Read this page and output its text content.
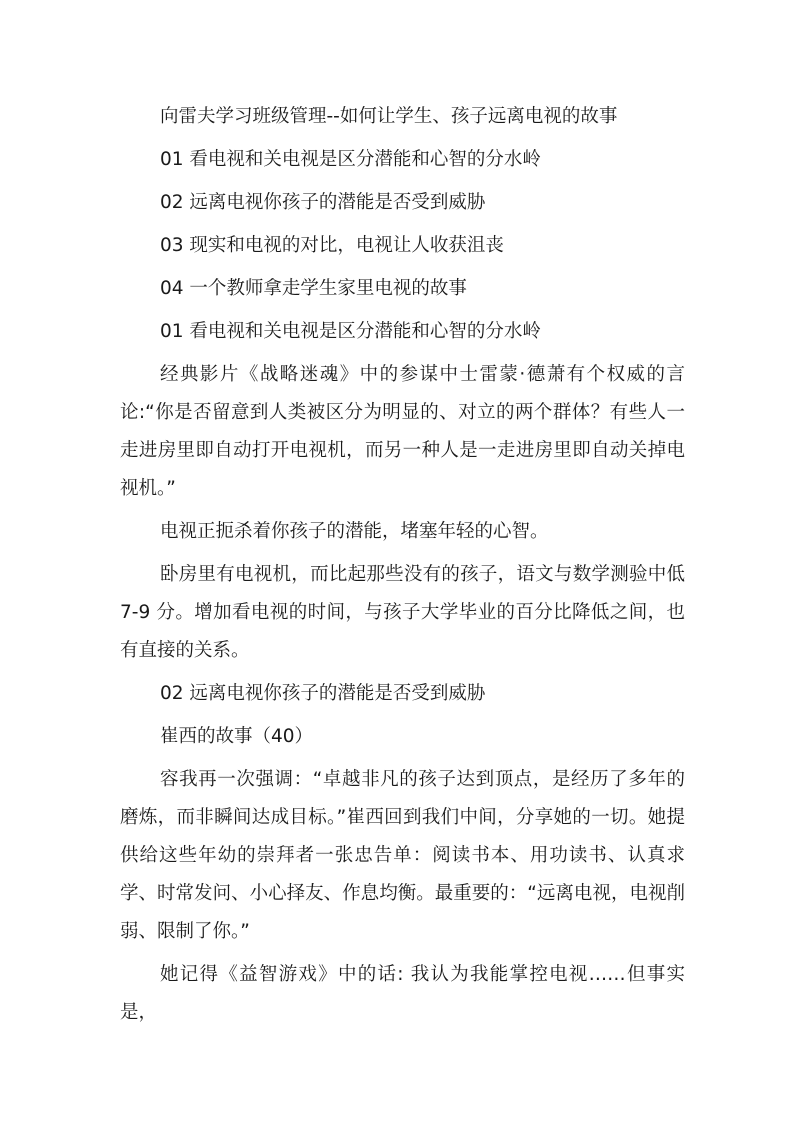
向雷夫学习班级管理--如何让学生、孩子远离电视的故事

01 看电视和关电视是区分潜能和心智的分水岭

02 远离电视你孩子的潜能是否受到威胁

03 现实和电视的对比，电视让人收获沮丧

04 一个教师拿走学生家里电视的故事

01 看电视和关电视是区分潜能和心智的分水岭

经典影片《战略迷魂》中的参谋中士雷蒙·德萧有个权威的言论:“你是否留意到人类被区分为明显的、对立的两个群体？有些人一走进房里即自动打开电视机，而另一种人是一走进房里即自动关掉电视机。”

电视正扼杀着你孩子的潜能，堵塞年轻的心智。

卧房里有电视机，而比起那些没有的孩子，语文与数学测验中低7-9 分。增加看电视的时间，与孩子大学毕业的百分比降低之间，也有直接的关系。

02 远离电视你孩子的潜能是否受到威胁

崔西的故事（40）

容我再一次强调：“卓越非凡的孩子达到顶点，是经历了多年的磨炼，而非瞬间达成目标。”崔西回到我们中间，分享她的一切。她提供给这些年幼的崇拜者一张忠告单：阅读书本、用功读书、认真求学、时常发问、小心择友、作息均衡。最重要的：“远离电视，电视削弱、限制了你。”

她记得《益智游戏》中的话: 我认为我能掌控电视……但事实是，
